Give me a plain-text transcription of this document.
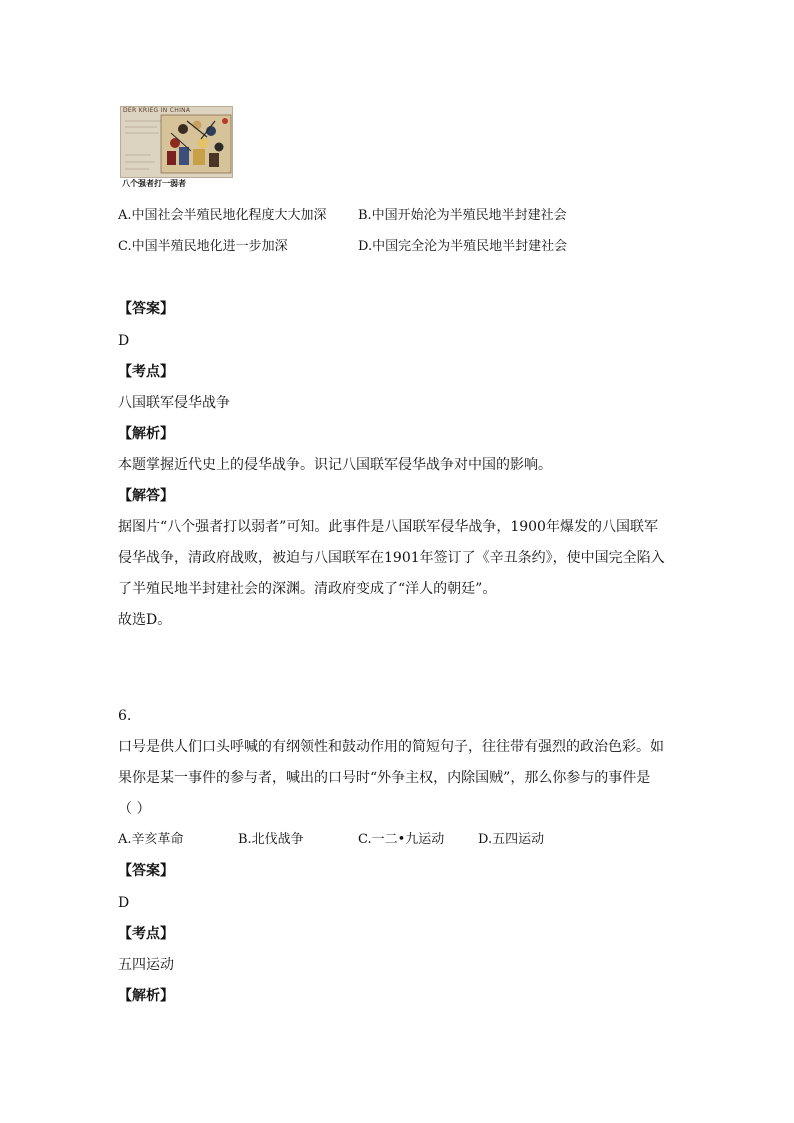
DER KRIEG IN CHINA
八个强者打一弱者
A.中国社会半殖民地化程度大大加深 B.中国开始沦为半殖民地半封建社会
C.中国半殖民地化进一步加深	D.中国完全沦为半殖民地半封建社会
【答案】
D
【考点】
八国联军侵华战争
【解析】
本题掌握近代史上的侵华战争。识记八国联军侵华战争对中国的影响。
【解答】
据图片“八个强者打以弱者”可知。此事件是八国联军侵华战争，1900年爆发的八国联军
侵华战争，清政府战败，被迫与八国联军在1901年签订了《辛丑条约》，使中国完全陷入
了半殖民地半封建社会的深渊。清政府变成了“洋人的朝廷”。
故选D。
6.
口号是供人们口头呼喊的有纲领性和鼓动作用的简短句子，往往带有强烈的政治色彩。如
果你是某一事件的参与者，喊出的口号时“外争主权，内除国贼”，那么你参与的事件是
（ ）
A.辛亥革命	B.北伐战争	C.一二•九运动	D.五四运动
【答案】
D
【考点】
五四运动
【解析】
